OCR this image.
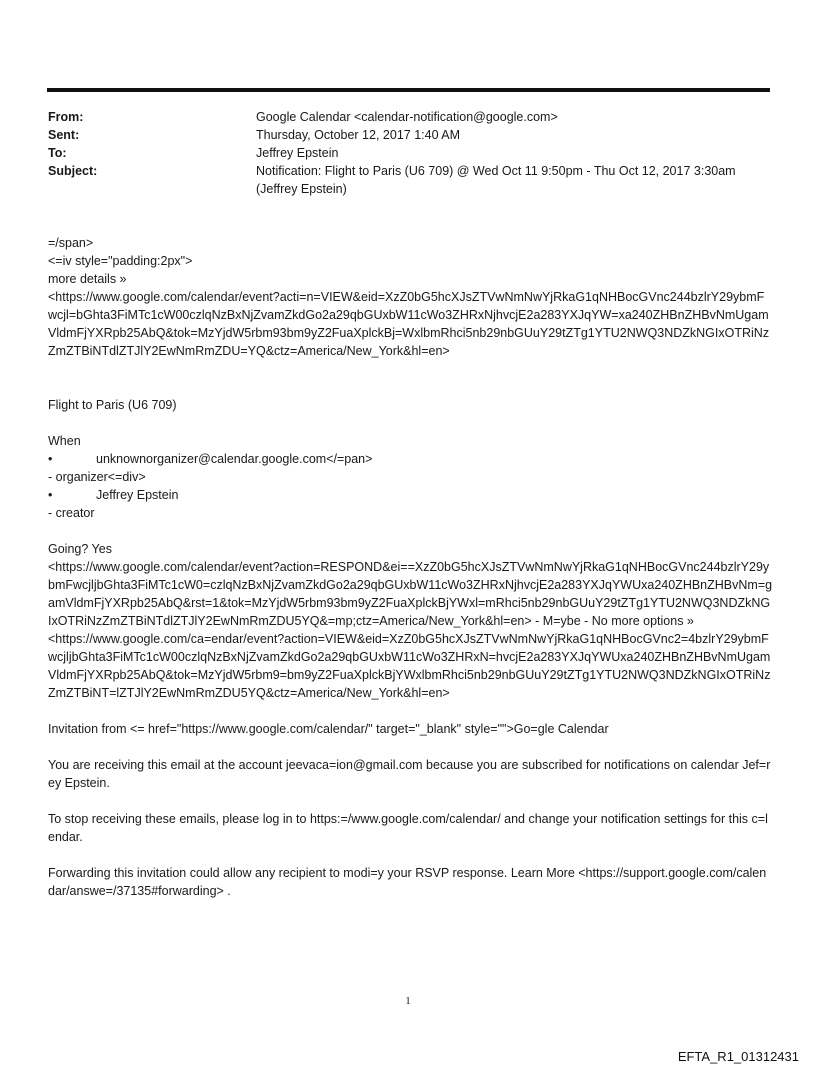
From:	Google Calendar <calendar-notification@google.com>
Sent:	Thursday, October 12, 2017 1:40 AM
To:	Jeffrey Epstein
Subject:	Notification: Flight to Paris (U6 709) @ Wed Oct 11 9:50pm - Thu Oct 12, 2017 3:30am (Jeffrey Epstein)

=/span>

<=iv style="padding:2px">

more details »

<https://www.google.com/calendar/event?acti=n=VIEW&eid=XzZ0bG5hcXJsZTVwNmNwYjRkaG1qNHBocGVnc244bzlrY29ybmFwcjl=bGhta3FiMTc1cW00czlqNzBxNjZvamZkdGo2a29qbGUxbW11cWo3ZHRxNjhvcjE2a283YXJqYW=xa240ZHBnZHBvNmUgamVldmFjYXRpb25AbQ&tok=MzYjdW5rbm93bm9yZ2FuaXplckBj=WxlbmRhci5nb29nbGUuY29tZTg1YTU2NWQ3NDZkNGIxOTRiNzZmZTBiNTdlZTJlY2EwNmRmZDU=YQ&ctz=America/New_York&hl=en>

Flight to Paris (U6 709)

When

•	unknownorganizer@calendar.google.com</=pan>

- organizer<=div>

•	Jeffrey Epstein

- creator

Going? Yes

<https://www.google.com/calendar/event?action=RESPOND&ei==XzZ0bG5hcXJsZTVwNmNwYjRkaG1qNHBocGVnc244bzlrY29ybmFwcjljbGhta3FiMTc1cW0=czlqNzBxNjZvamZkdGo2a29qbGUxbW11cWo3ZHRxNjhvcjE2a283YXJqYWUxa240ZHBnZHBvNm=gamVldmFjYXRpb25AbQ&rst=1&tok=MzYjdW5rbm93bm9yZ2FuaXplckBjYWxl=mRhci5nb29nbGUuY29tZTg1YTU2NWQ3NDZkNGIxOTRiNzZmZTBiNTdlZTJlY2EwNmRmZDU5YQ&=mp;ctz=America/New_York&hl=en> - M=ybe - No more options »

<https://www.google.com/ca=endar/event?action=VIEW&eid=XzZ0bG5hcXJsZTVwNmNwYjRkaG1qNHBocGVnc2=4bzlrY29ybmFwcjljbGhta3FiMTc1cW00czlqNzBxNjZvamZkdGo2a29qbGUxbW11cWo3ZHRxN=hvcjE2a283YXJqYWUxa240ZHBnZHBvNmUgamVldmFjYXRpb25AbQ&tok=MzYjdW5rbm9=bm9yZ2FuaXplckBjYWxlbmRhci5nb29nbGUuY29tZTg1YTU2NWQ3NDZkNGIxOTRiNzZmZTBiNT=lZTJlY2EwNmRmZDU5YQ&ctz=America/New_York&hl=en>

Invitation from <= href="https://www.google.com/calendar/" target="_blank" style="">Go=gle Calendar

You are receiving this email at the account jeevaca=ion@gmail.com because you are subscribed for notifications on calendar Jef=rey Epstein.

To stop receiving these emails, please log in to https:=/www.google.com/calendar/ and change your notification settings for this c=lendar.

Forwarding this invitation could allow any recipient to modi=y your RSVP response. Learn More <https://support.google.com/calendar/answe=/37135#forwarding> .

1
EFTA_R1_01312431
